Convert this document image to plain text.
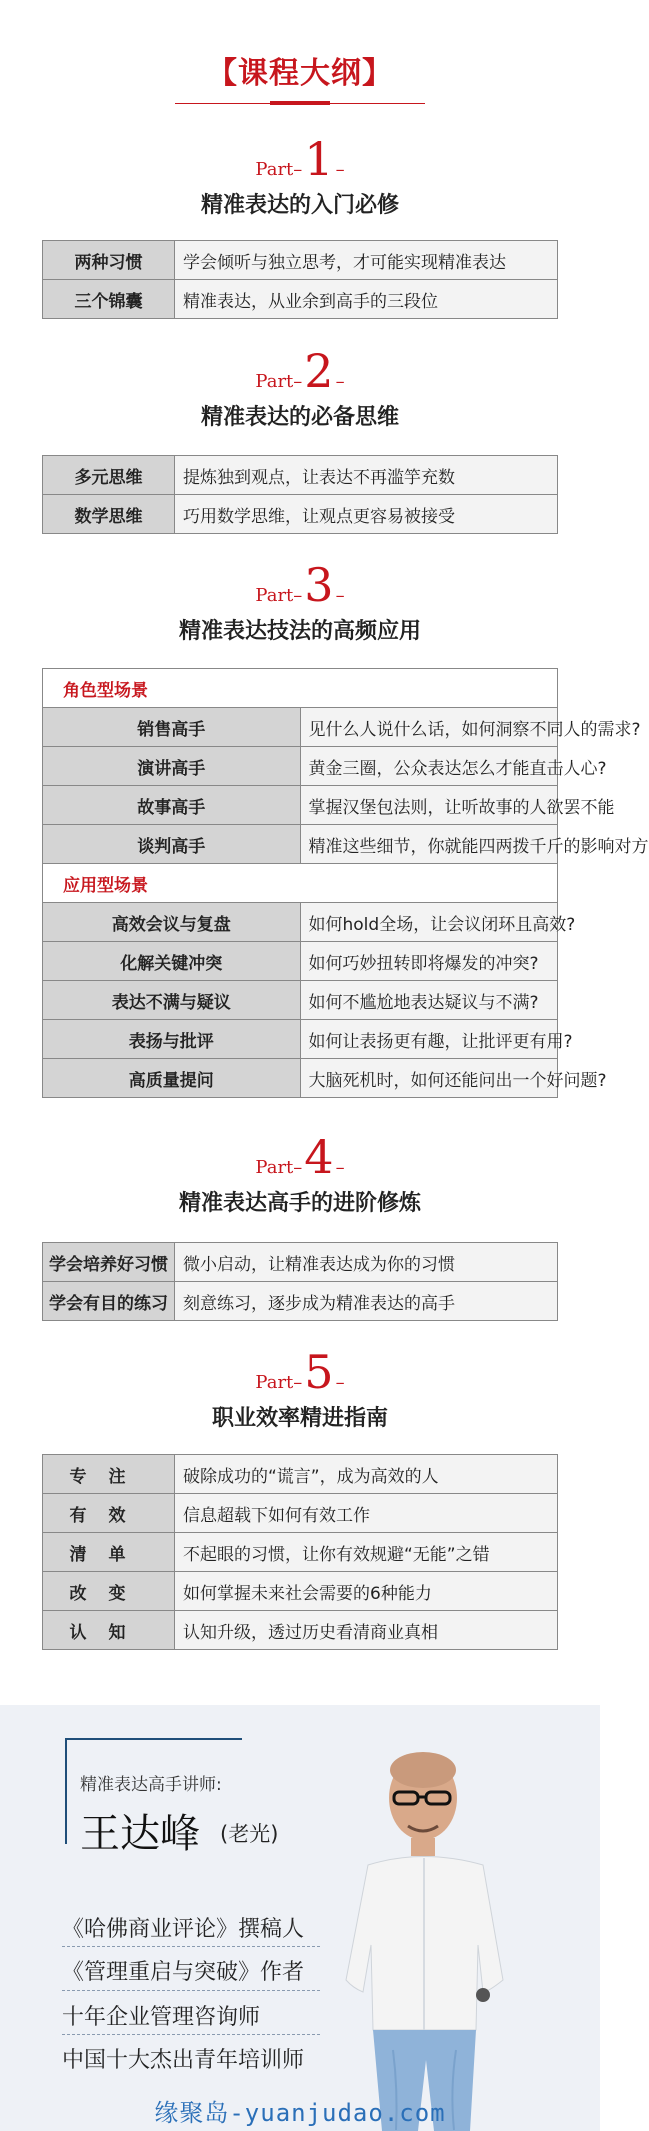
【课程大纲】
Part–1 –
精准表达的入门必修
两种习惯	学会倾听与独立思考，才可能实现精准表达
三个锦囊	精准表达，从业余到高手的三段位
Part–2 –
精准表达的必备思维
多元思维	提炼独到观点，让表达不再滥竽充数
数学思维	巧用数学思维，让观点更容易被接受
Part–3 –
精准表达技法的高频应用
角色型场景	
销售高手	见什么人说什么话，如何洞察不同人的需求?
演讲高手	黄金三圈，公众表达怎么才能直击人心?
故事高手	掌握汉堡包法则，让听故事的人欲罢不能
谈判高手	精准这些细节，你就能四两拨千斤的影响对方
应用型场景	
高效会议与复盘	如何hold全场，让会议闭环且高效?
化解关键冲突	如何巧妙扭转即将爆发的冲突?
表达不满与疑议	如何不尴尬地表达疑议与不满?
表扬与批评	如何让表扬更有趣，让批评更有用?
高质量提问	大脑死机时，如何还能问出一个好问题?
Part–4 –
精准表达高手的进阶修炼
学会培养好习惯	微小启动，让精准表达成为你的习惯
学会有目的练习	刻意练习，逐步成为精准表达的高手
Part–5 –
职业效率精进指南
专注	破除成功的“谎言”，成为高效的人
有效	信息超载下如何有效工作
清单	不起眼的习惯，让你有效规避“无能”之错
改变	如何掌握未来社会需要的6种能力
认知	认知升级，透过历史看清商业真相
精准表达高手讲师:
王达峰 (老光)
《哈佛商业评论》撰稿人
《管理重启与突破》作者
十年企业管理咨询师
中国十大杰出青年培训师
缘聚岛-yuanjudao.com
